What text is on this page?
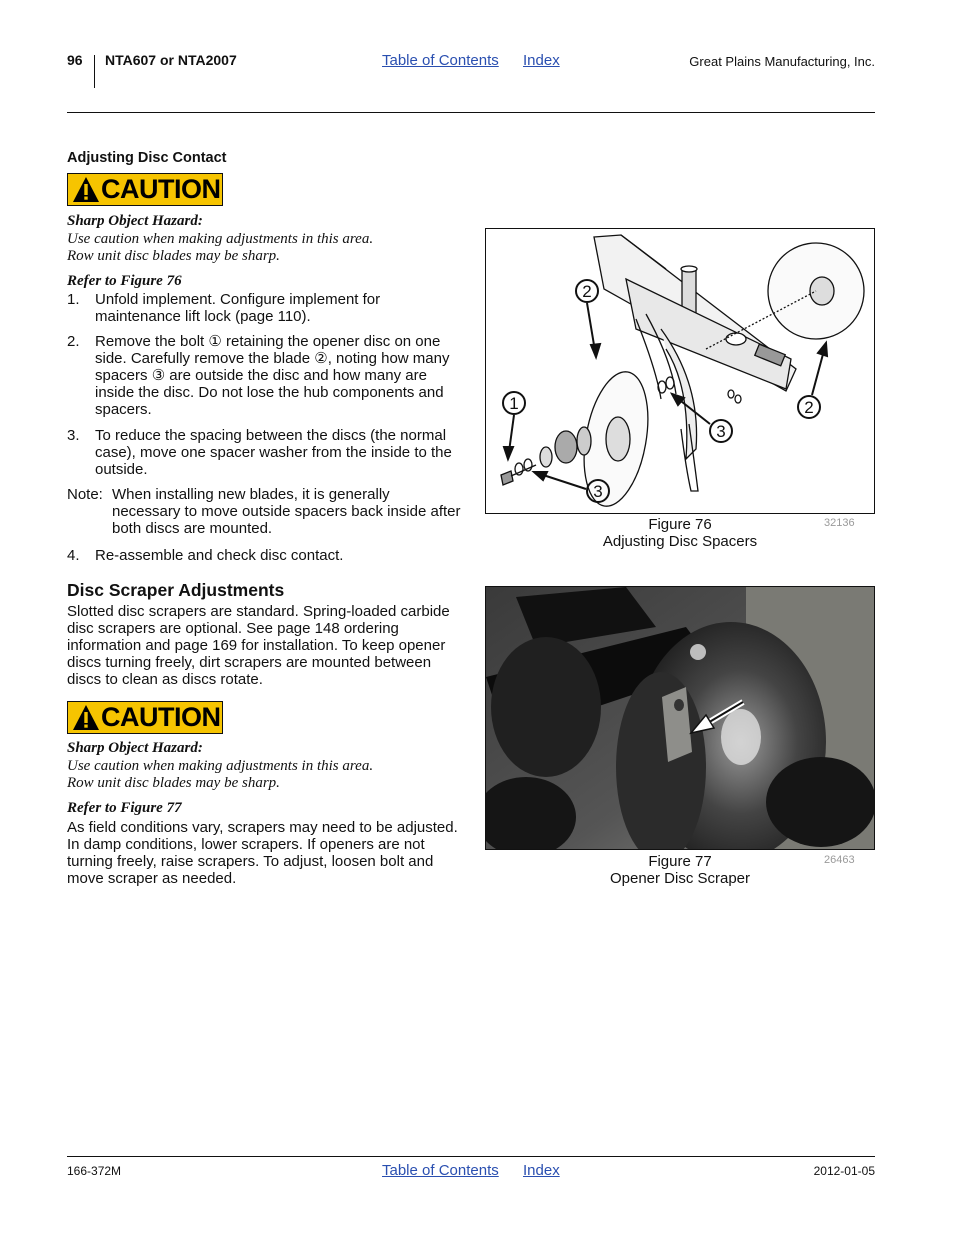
96 NTA607 or NTA2007	Table of Contents Index	Great Plains Manufacturing, Inc.
Adjusting Disc Contact
CAUTION
Sharp Object Hazard:
Use caution when making adjustments in this area.
Row unit disc blades may be sharp.
Refer to Figure 76
1. Unfold implement. Configure implement for maintenance lift lock (page 110).
2. Remove the bolt ① retaining the opener disc on one side. Carefully remove the blade ②, noting how many spacers ③ are outside the disc and how many are inside the disc. Do not lose the hub components and spacers.
3. To reduce the spacing between the discs (the normal case), move one spacer washer from the inside to the outside.
Note: When installing new blades, it is generally necessary to move outside spacers back inside after both discs are mounted.
4. Re-assemble and check disc contact.
Disc Scraper Adjustments
Slotted disc scrapers are standard. Spring-loaded carbide disc scrapers are optional. See page 148 ordering information and page 169 for installation. To keep opener discs turning freely, dirt scrapers are mounted between discs to clean as discs rotate.
CAUTION
Sharp Object Hazard:
Use caution when making adjustments in this area.
Row unit disc blades may be sharp.
Refer to Figure 77
As field conditions vary, scrapers may need to be adjusted. In damp conditions, lower scrapers. If openers are not turning freely, raise scrapers. To adjust, loosen bolt and move scraper as needed.
2
1	2
3
3
Figure 76
Adjusting Disc Spacers
32136
Figure 77
Opener Disc Scraper
26463
166-372M	Table of Contents Index	2012-01-05
